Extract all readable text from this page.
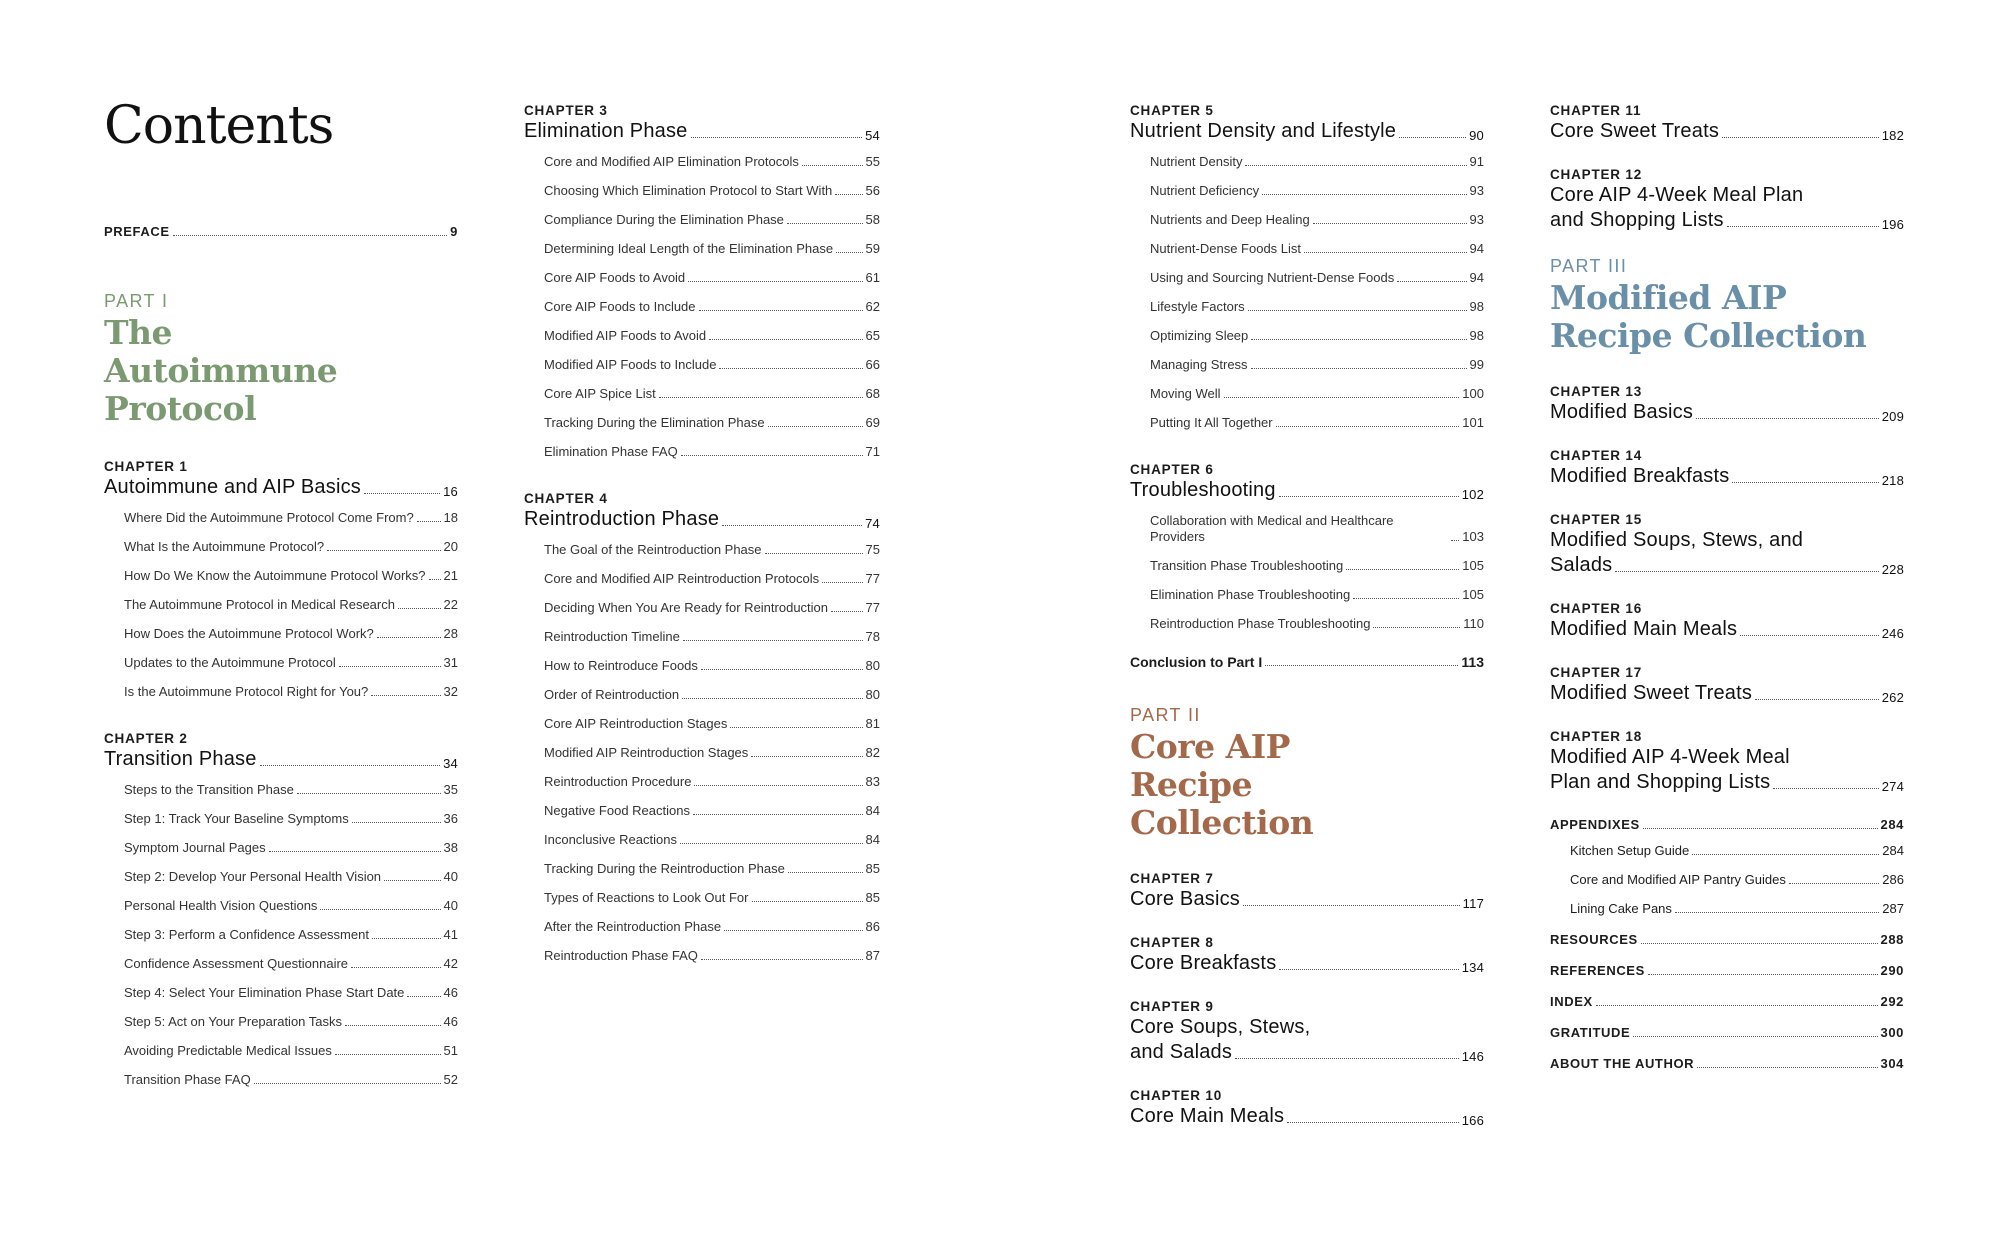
Contents
PREFACE	9
PART I
The Autoimmune Protocol
CHAPTER 1
Autoimmune and AIP Basics	16
Where Did the Autoimmune Protocol Come From? 18
What Is the Autoimmune Protocol?	20
How Do We Know the Autoimmune Protocol Works? 21
The Autoimmune Protocol in Medical Research	22
How Does the Autoimmune Protocol Work?	28
Updates to the Autoimmune Protocol	31
Is the Autoimmune Protocol Right for You?	32
CHAPTER 2
Transition Phase	34
Steps to the Transition Phase	35
Step 1: Track Your Baseline Symptoms	36
Symptom Journal Pages	38
Step 2: Develop Your Personal Health Vision	40
Personal Health Vision Questions	40
Step 3: Perform a Confidence Assessment	41
Confidence Assessment Questionnaire	42
Step 4: Select Your Elimination Phase Start Date	46
Step 5: Act on Your Preparation Tasks	46
Avoiding Predictable Medical Issues	51
Transition Phase FAQ	52
CHAPTER 3
Elimination Phase	54
Core and Modified AIP Elimination Protocols	55
Choosing Which Elimination Protocol to Start With	56
Compliance During the Elimination Phase	58
Determining Ideal Length of the Elimination Phase 59
Core AIP Foods to Avoid	61
Core AIP Foods to Include	62
Modified AIP Foods to Avoid	65
Modified AIP Foods to Include	66
Core AIP Spice List	68
Tracking During the Elimination Phase	69
Elimination Phase FAQ	71
CHAPTER 4
Reintroduction Phase	74
The Goal of the Reintroduction Phase	75
Core and Modified AIP Reintroduction Protocols	77
Deciding When You Are Ready for Reintroduction	77
Reintroduction Timeline	78
How to Reintroduce Foods	80
Order of Reintroduction	80
Core AIP Reintroduction Stages	81
Modified AIP Reintroduction Stages	82
Reintroduction Procedure	83
Negative Food Reactions	84
Inconclusive Reactions	84
Tracking During the Reintroduction Phase	85
Types of Reactions to Look Out For	85
After the Reintroduction Phase	86
Reintroduction Phase FAQ	87
CHAPTER 5
Nutrient Density and Lifestyle	90
Nutrient Density	91
Nutrient Deficiency	93
Nutrients and Deep Healing	93
Nutrient-Dense Foods List	94
Using and Sourcing Nutrient-Dense Foods	94
Lifestyle Factors	98
Optimizing Sleep	98
Managing Stress	99
Moving Well	100
Putting It All Together	101
CHAPTER 6
Troubleshooting	102
Collaboration with Medical and Healthcare Providers	103
Transition Phase Troubleshooting	105
Elimination Phase Troubleshooting	105
Reintroduction Phase Troubleshooting	110
Conclusion to Part I	113
PART II
Core AIP Recipe Collection
CHAPTER 7
Core Basics	117
CHAPTER 8
Core Breakfasts	134
CHAPTER 9
Core Soups, Stews,
and Salads	146
CHAPTER 10
Core Main Meals	166
CHAPTER 11
Core Sweet Treats	182
CHAPTER 12
Core AIP 4-Week Meal Plan
and Shopping Lists	196
PART III
Modified AIP Recipe Collection
CHAPTER 13
Modified Basics	209
CHAPTER 14
Modified Breakfasts	218
CHAPTER 15
Modified Soups, Stews, and
Salads	228
CHAPTER 16
Modified Main Meals	246
CHAPTER 17
Modified Sweet Treats	262
CHAPTER 18
Modified AIP 4-Week Meal
Plan and Shopping Lists	274
APPENDIXES	284
Kitchen Setup Guide	284
Core and Modified AIP Pantry Guides	286
Lining Cake Pans	287
RESOURCES	288
REFERENCES	290
INDEX	292
GRATITUDE	300
ABOUT THE AUTHOR	304
